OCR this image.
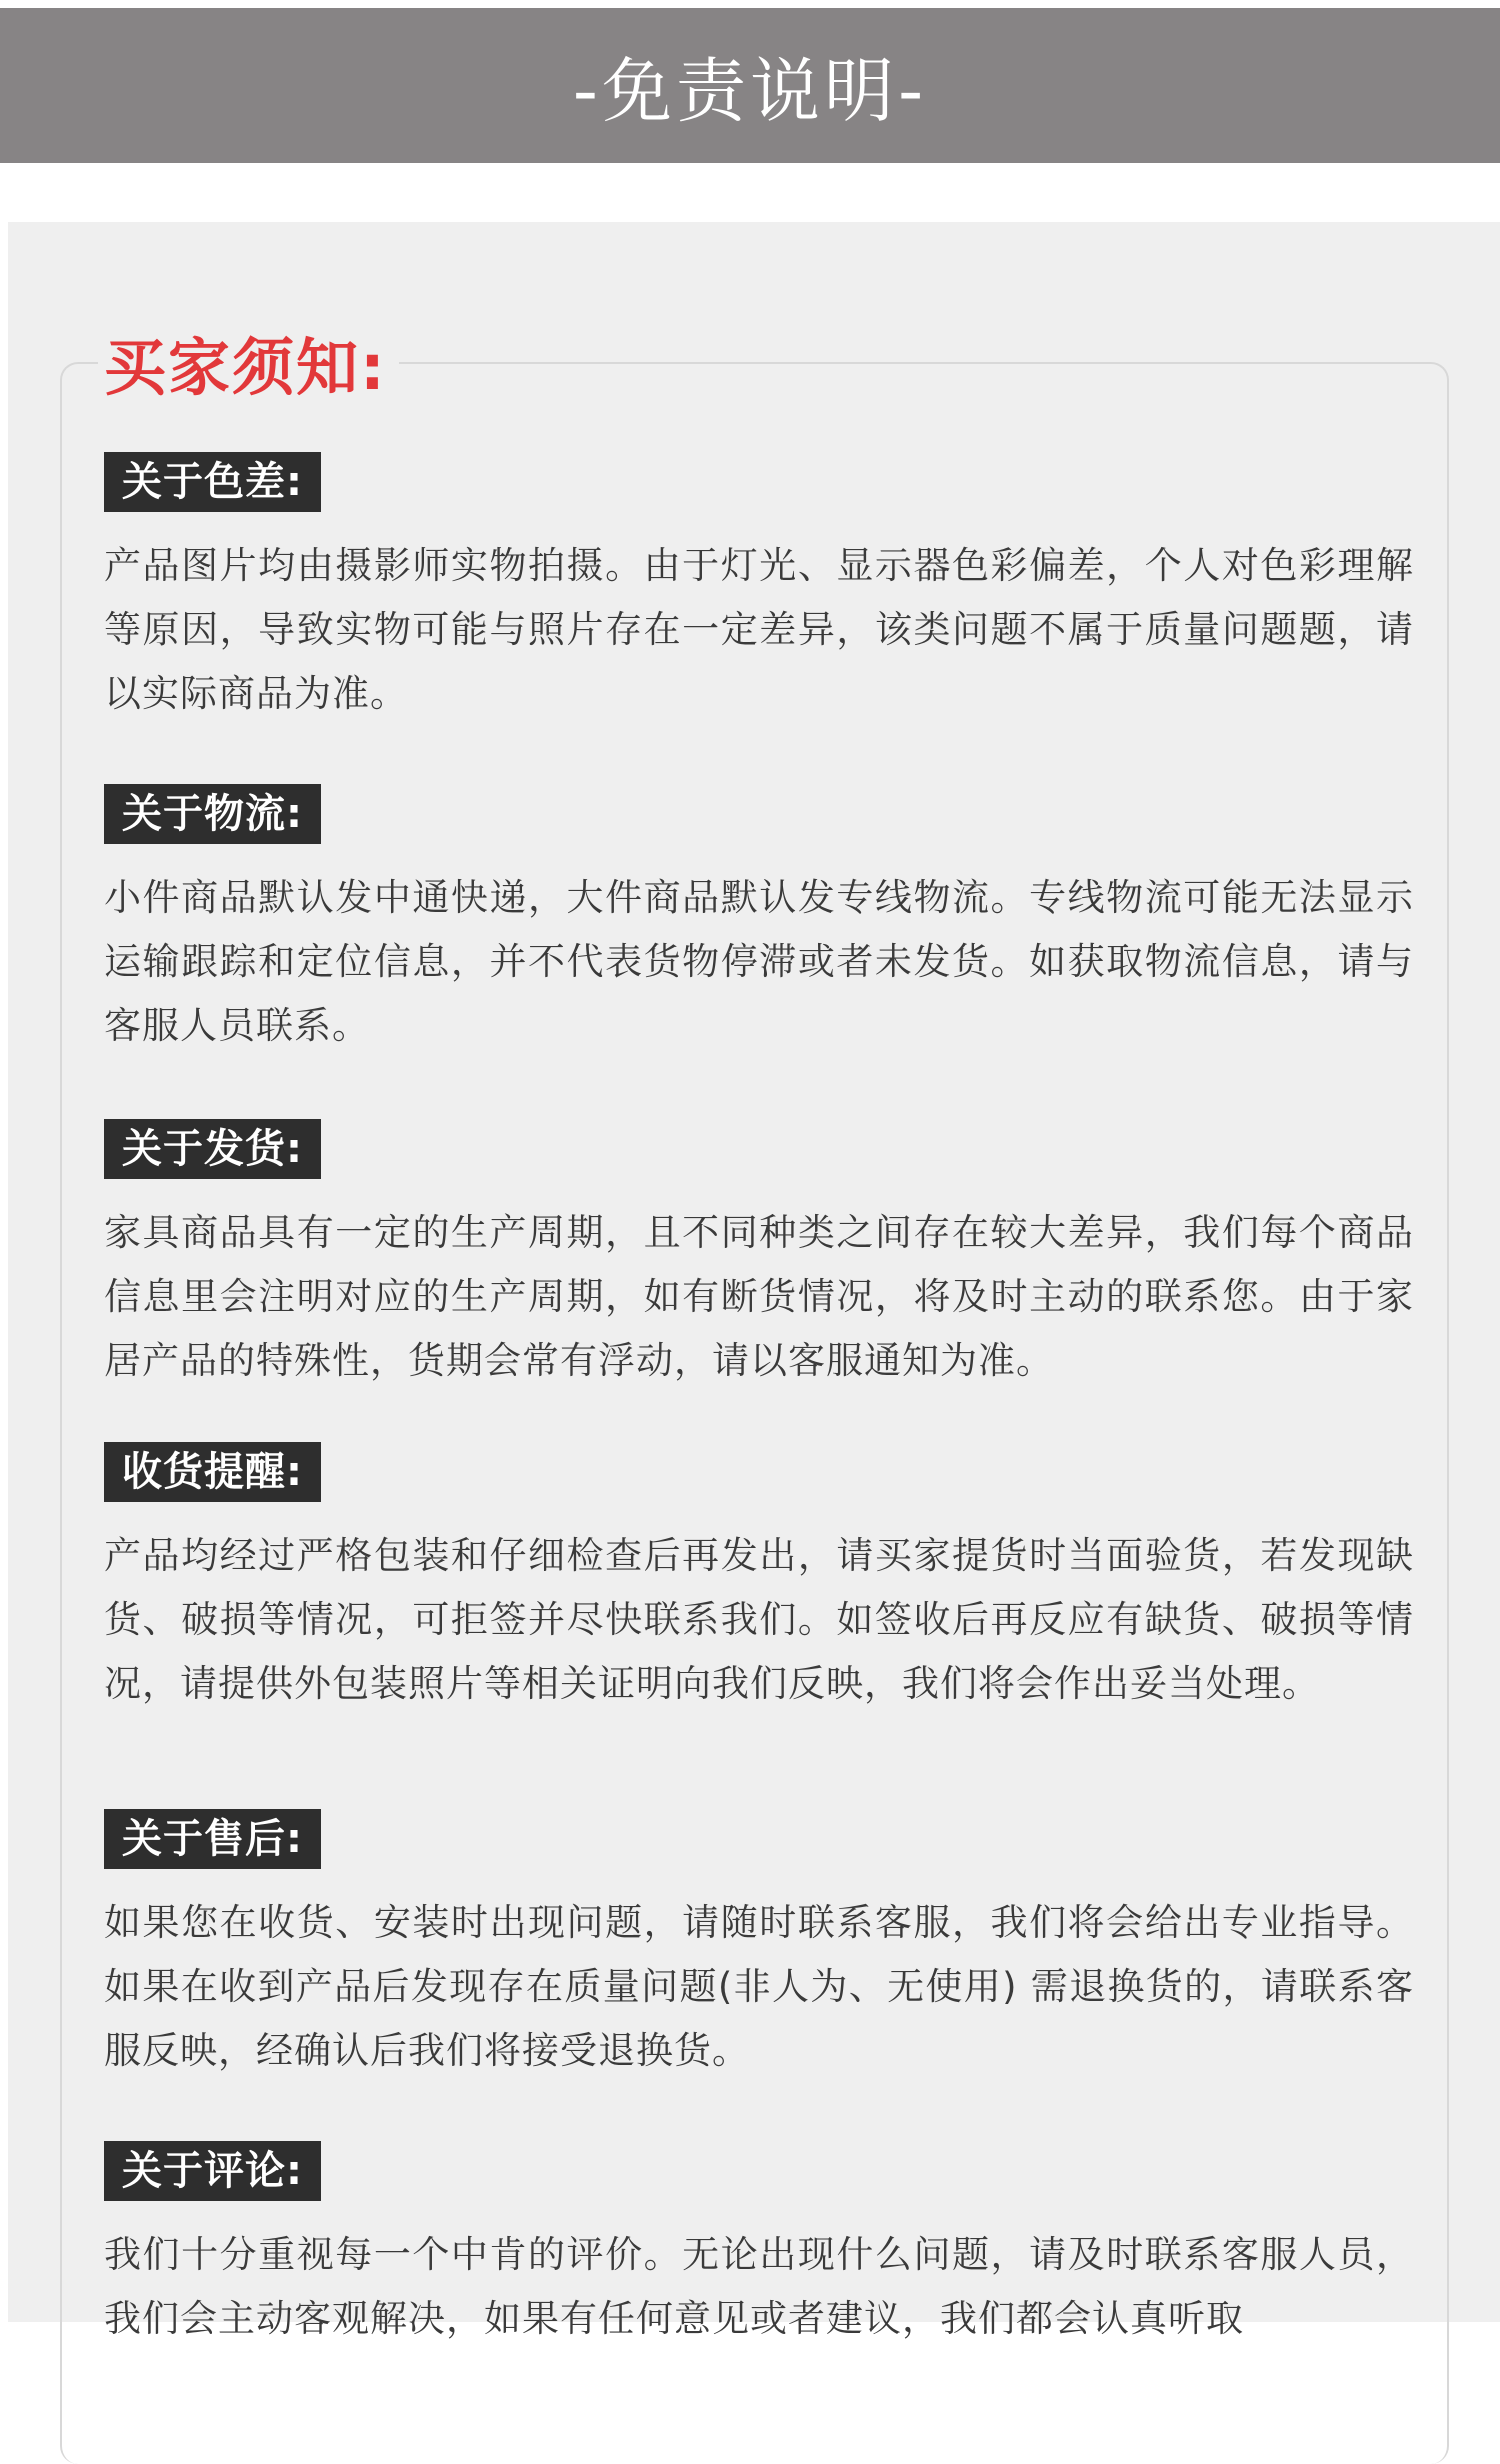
-免责说明-
买家须知:
关于色差:
产品图片均由摄影师实物拍摄。由于灯光、显示器色彩偏差，个人对色彩理解等原因，导致实物可能与照片存在一定差异，该类问题不属于质量问题题，请以实际商品为准。
关于物流:
小件商品默认发中通快递，大件商品默认发专线物流。专线物流可能无法显示运输跟踪和定位信息，并不代表货物停滞或者未发货。如获取物流信息，请与客服人员联系。
关于发货:
家具商品具有一定的生产周期，且不同种类之间存在较大差异，我们每个商品信息里会注明对应的生产周期，如有断货情况，将及时主动的联系您。由于家居产品的特殊性，货期会常有浮动，请以客服通知为准。
收货提醒:
产品均经过严格包装和仔细检查后再发出，请买家提货时当面验货，若发现缺货、破损等情况，可拒签并尽快联系我们。如签收后再反应有缺货、破损等情况，请提供外包装照片等相关证明向我们反映，我们将会作出妥当处理。
关于售后:
如果您在收货、安装时出现问题，请随时联系客服，我们将会给出专业指导。如果在收到产品后发现存在质量问题(非人为、无使用) 需退换货的，请联系客服反映，经确认后我们将接受退换货。
关于评论:
我们十分重视每一个中肯的评价。无论出现什么问题，请及时联系客服人员，我们会主动客观解决，如果有任何意见或者建议，我们都会认真听取
